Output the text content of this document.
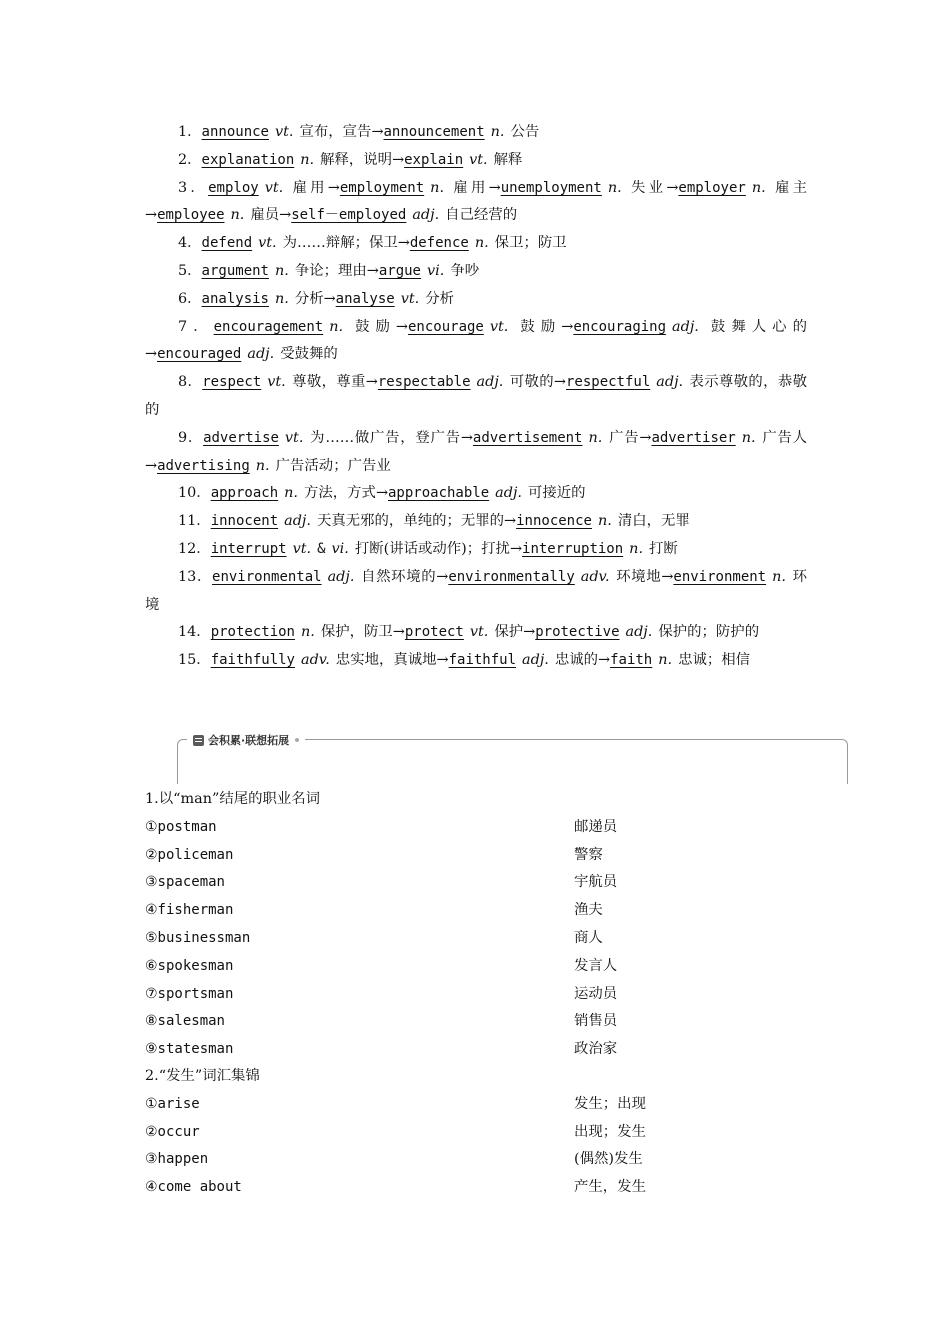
1．announce vt. 宣布，宣告→announcement n. 公告
2．explanation n. 解释，说明→explain vt. 解释
3．employ vt. 雇用→employment n. 雇用→unemployment n. 失业→employer n. 雇主→employee n. 雇员→self－employed adj. 自己经营的
4．defend vt. 为……辩解；保卫→defence n. 保卫；防卫
5．argument n. 争论；理由→argue vi. 争吵
6．analysis n. 分析→analyse vt. 分析
7．encouragement n. 鼓励→encourage vt. 鼓励→encouraging adj. 鼓舞人心的→encouraged adj. 受鼓舞的
8．respect vt. 尊敬，尊重→respectable adj. 可敬的→respectful adj. 表示尊敬的，恭敬的
9．advertise vt. 为……做广告，登广告→advertisement n. 广告→advertiser n. 广告人→advertising n. 广告活动；广告业
10．approach n. 方法，方式→approachable adj. 可接近的
11．innocent adj. 天真无邪的，单纯的；无罪的→innocence n. 清白，无罪
12．interrupt vt. & vi. 打断(讲话或动作)；打扰→interruption n. 打断
13．environmental adj. 自然环境的→environmentally adv. 环境地→environment n. 环境
14．protection n. 保护，防卫→protect vt. 保护→protective adj. 保护的；防护的
15．faithfully adv. 忠实地，真诚地→faithful adj. 忠诚的→faith n. 忠诚；相信
会积累·联想拓展
1.以“man”结尾的职业名词
①postman	邮递员
②policeman	警察
③spaceman	宇航员
④fisherman	渔夫
⑤businessman	商人
⑥spokesman	发言人
⑦sportsman	运动员
⑧salesman	销售员
⑨statesman	政治家
2.“发生”词汇集锦
①arise	发生；出现
②occur	出现；发生
③happen	(偶然)发生
④come about	产生，发生
